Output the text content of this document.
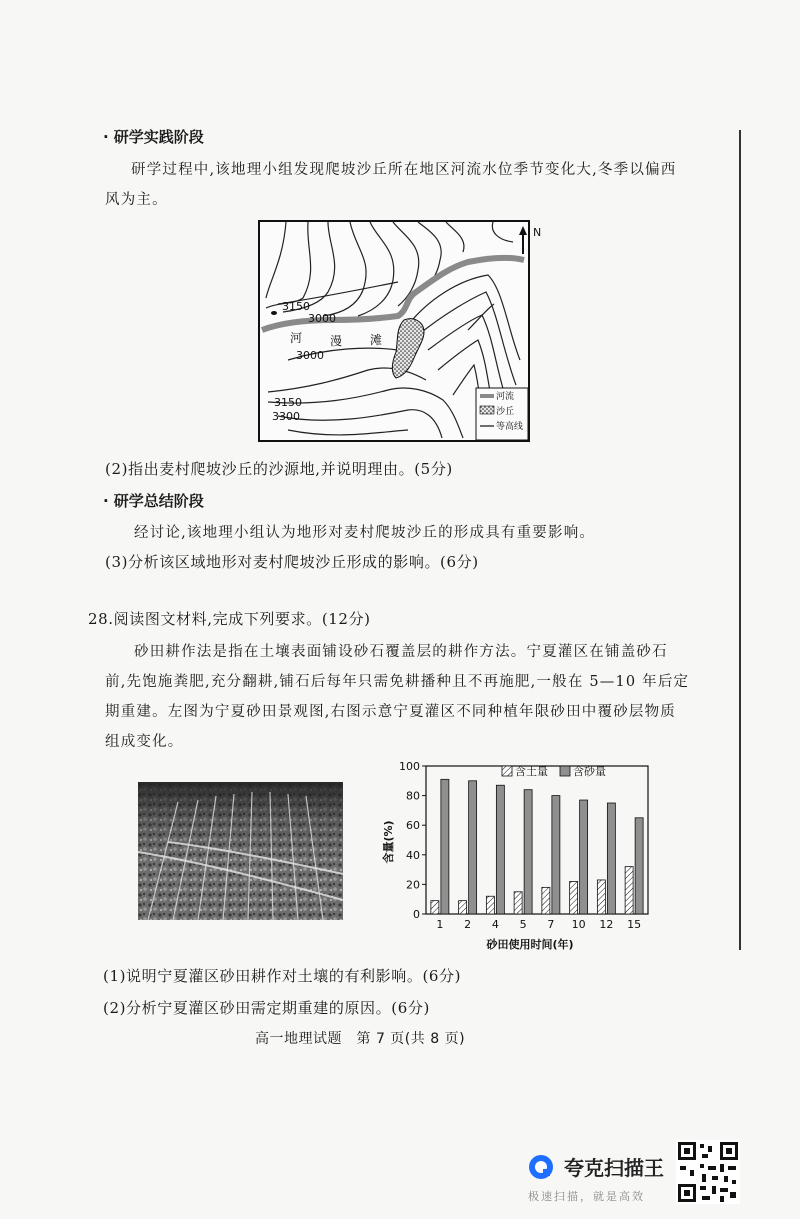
· 研学实践阶段
研学过程中,该地理小组发现爬坡沙丘所在地区河流水位季节变化大,冬季以偏西
风为主。
N
3150
3000
3000
3150
3300
河 漫 滩
河流
沙丘
等高线
(2)指出麦村爬坡沙丘的沙源地,并说明理由。(5分)
· 研学总结阶段
经讨论,该地理小组认为地形对麦村爬坡沙丘的形成具有重要影响。
(3)分析该区域地形对麦村爬坡沙丘形成的影响。(6分)
28.阅读图文材料,完成下列要求。(12分)
砂田耕作法是指在土壤表面铺设砂石覆盖层的耕作方法。宁夏灌区在铺盖砂石
前,先饱施粪肥,充分翻耕,铺石后每年只需免耕播种且不再施肥,一般在 5—10 年后定
期重建。左图为宁夏砂田景观图,右图示意宁夏灌区不同种植年限砂田中覆砂层物质
组成变化。
0
20
40
60
80
100
1 2 4 5 7 10 12 15
含土量 含砂量
砂田使用时间(年)
含量(%)
(1)说明宁夏灌区砂田耕作对土壤的有利影响。(6分)
(2)分析宁夏灌区砂田需定期重建的原因。(6分)
高一地理试题　第 7 页(共 8 页)
夸克扫描王
极速扫描，就是高效
